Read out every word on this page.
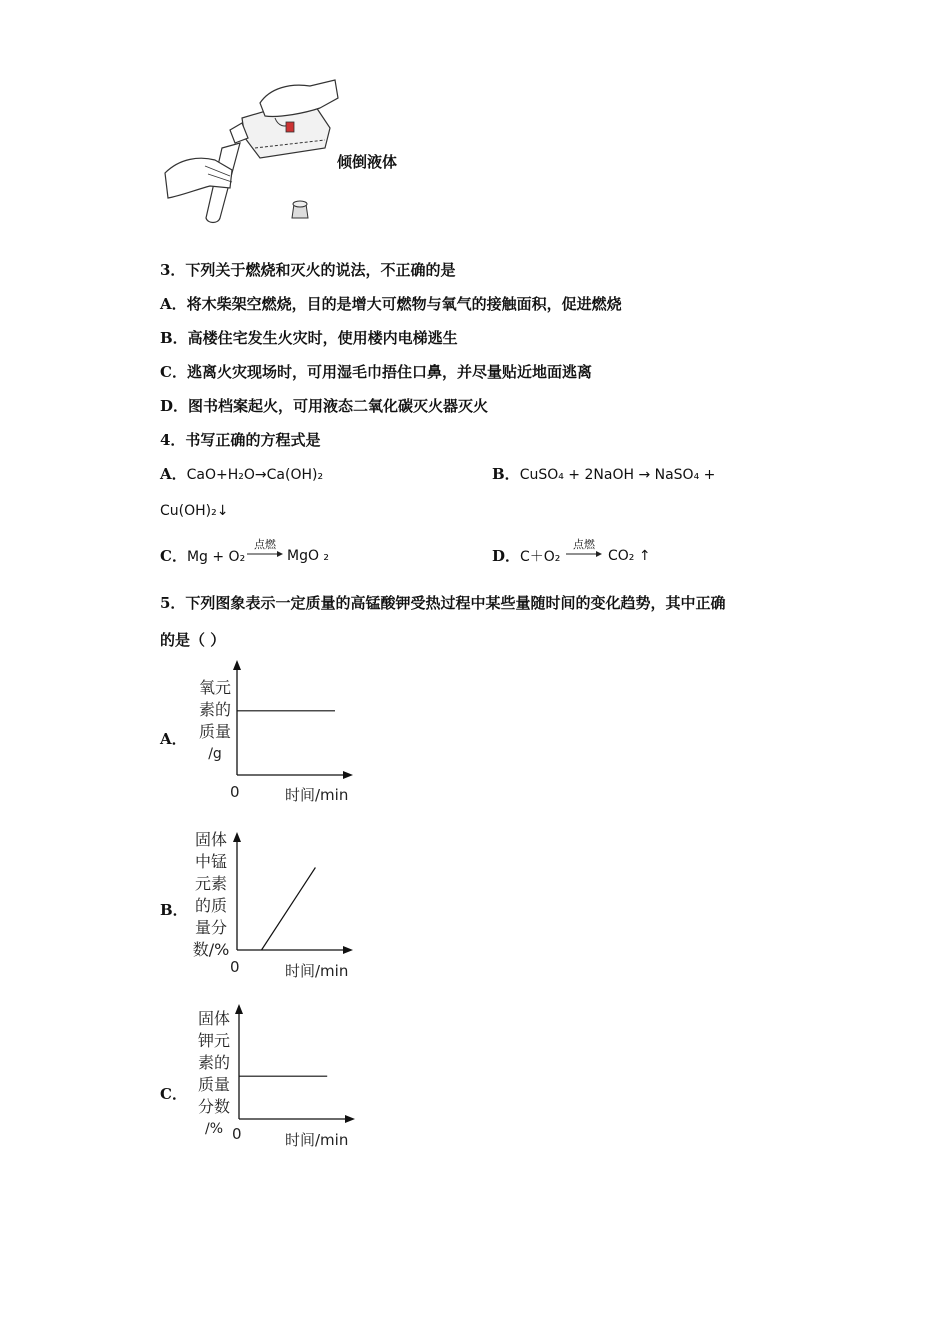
倾倒液体
3．下列关于燃烧和灭火的说法，不正确的是
A．将木柴架空燃烧，目的是增大可燃物与氧气的接触面积，促进燃烧
B．高楼住宅发生火灾时，使用楼内电梯逃生
C．逃离火灾现场时，可用湿毛巾捂住口鼻，并尽量贴近地面逃离
D．图书档案起火，可用液态二氧化碳灭火器灭火
4．书写正确的方程式是
A．CaO+H₂O→Ca(OH)₂	B．CuSO₄ + 2NaOH → NaSO₄ +
Cu(OH)₂↓
C．Mg + O₂
点燃
MgO ₂	D．C＋O₂
点燃
CO₂ ↑
5．下列图象表示一定质量的高锰酸钾受热过程中某些量随时间的变化趋势，其中正确
的是（ ）
A．
氧元
素的
质量
/g
0	时间/min
B．
固体
中锰
元素
的质
量分
数/%
0	时间/min
C．
固体
钾元
素的
质量
分数
/% 0	时间/min
